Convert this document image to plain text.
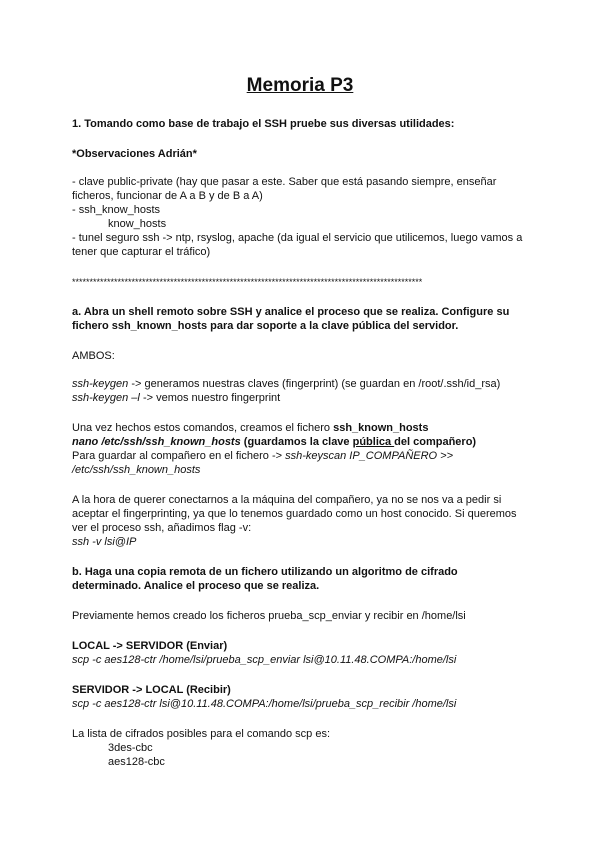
Memoria P3
1. Tomando como base de trabajo el SSH pruebe sus diversas utilidades:
*Observaciones Adrián*
- clave public-private (hay que pasar a este. Saber que está pasando siempre, enseñar
ficheros, funcionar de A a B y de B a A)
- ssh_know_hosts
know_hosts
- tunel seguro ssh -> ntp, rsyslog, apache (da igual el servicio que utilicemos, luego vamos a
tener que capturar el tráfico)
****************************************************************************************************
a. Abra un shell remoto sobre SSH y analice el proceso que se realiza. Configure su
fichero ssh_known_hosts para dar soporte a la clave pública del servidor.
AMBOS:
ssh-keygen -> generamos nuestras claves (fingerprint) (se guardan en /root/.ssh/id_rsa)
ssh-keygen –l -> vemos nuestro fingerprint
Una vez hechos estos comandos, creamos el fichero ssh_known_hosts
nano /etc/ssh/ssh_known_hosts (guardamos la clave pública del compañero)
Para guardar al compañero en el fichero -> ssh-keyscan IP_COMPAÑERO >>
/etc/ssh/ssh_known_hosts
A la hora de querer conectarnos a la máquina del compañero, ya no se nos va a pedir si
aceptar el fingerprinting, ya que lo tenemos guardado como un host conocido. Si queremos
ver el proceso ssh, añadimos flag -v:
ssh -v lsi@IP
b. Haga una copia remota de un fichero utilizando un algoritmo de cifrado
determinado. Analice el proceso que se realiza.
Previamente hemos creado los ficheros prueba_scp_enviar y recibir en /home/lsi
LOCAL -> SERVIDOR (Enviar)
scp -c aes128-ctr /home/lsi/prueba_scp_enviar lsi@10.11.48.COMPA:/home/lsi
SERVIDOR -> LOCAL (Recibir)
scp -c aes128-ctr lsi@10.11.48.COMPA:/home/lsi/prueba_scp_recibir /home/lsi
La lista de cifrados posibles para el comando scp es:
3des-cbc
aes128-cbc
